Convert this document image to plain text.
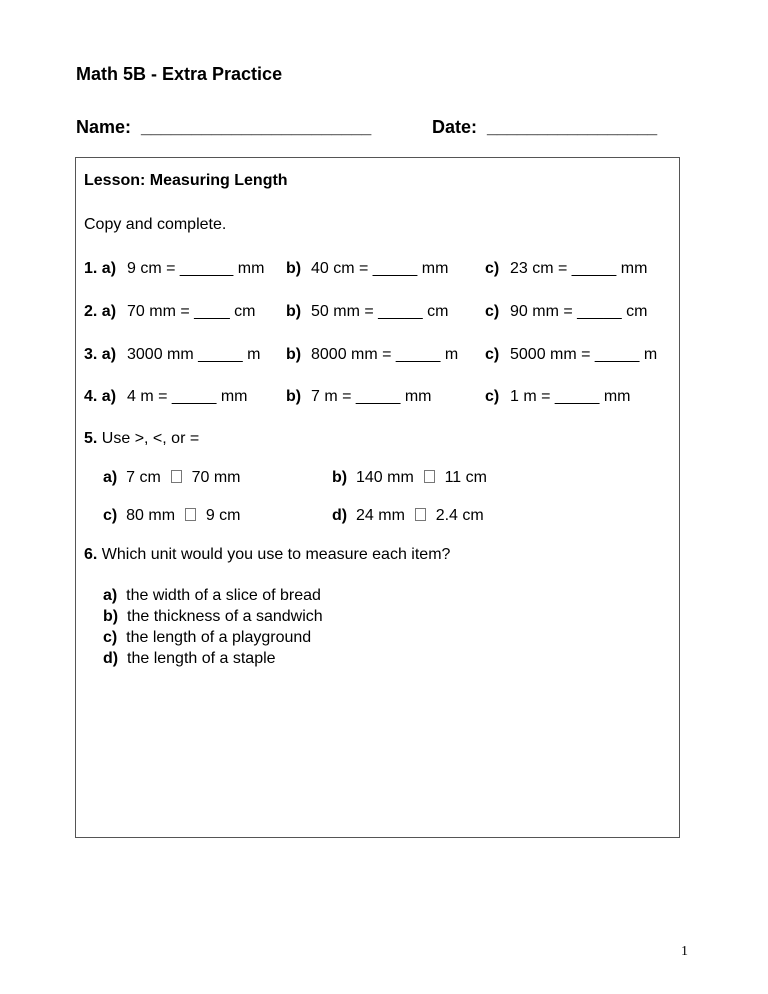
Math 5B - Extra Practice
Name:  _______________________	Date:  _________________
Lesson: Measuring Length
Copy and complete.
1. a) 9 cm = ______ mm b) 40 cm = _____ mm c) 23 cm = _____ mm
2. a) 70 mm = ____ cm b) 50 mm = _____ cm c) 90 mm = _____ cm
3. a) 3000 mm _____ m b) 8000 mm = _____ m c) 5000 mm = _____ m
4. a) 4 m = _____ mm b) 7 m = _____ mm	c) 1 m = _____ mm
5. Use >, <, or =
a) 7 cm 70 mm	b) 140 mm 11 cm
c) 80 mm 9 cm	d) 24 mm 2.4 cm
6. Which unit would you use to measure each item?
a) the width of a slice of bread
b) the thickness of a sandwich
c) the length of a playground
d) the length of a staple
1
